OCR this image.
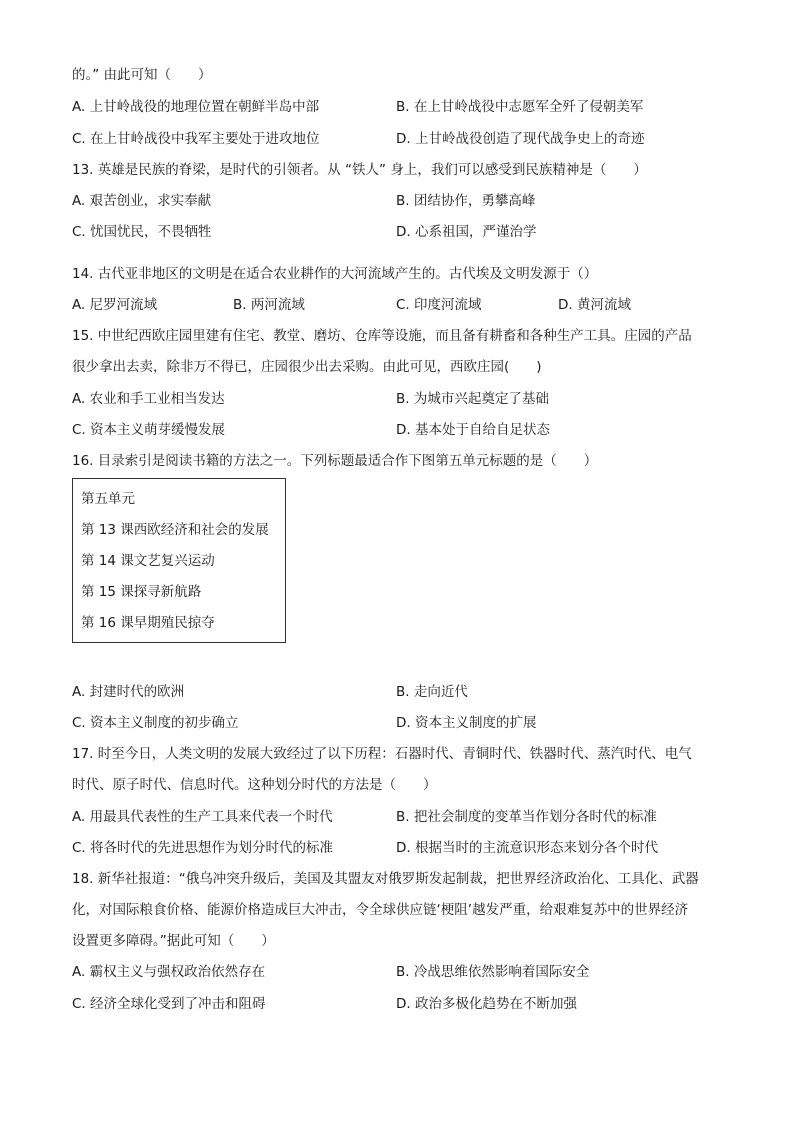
的。” 由此可知（　　）
A. 上甘岭战役的地理位置在朝鲜半岛中部	B. 在上甘岭战役中志愿军全歼了侵朝美军
C. 在上甘岭战役中我军主要处于进攻地位	D. 上甘岭战役创造了现代战争史上的奇迹
13. 英雄是民族的脊梁，是时代的引领者。从 “铁人” 身上，我们可以感受到民族精神是（　　）
A. 艰苦创业，求实奉献	B. 团结协作，勇攀高峰
C. 忧国忧民，不畏牺牲	D. 心系祖国，严谨治学
14. 古代亚非地区的文明是在适合农业耕作的大河流域产生的。古代埃及文明发源于（）
A. 尼罗河流域	B. 两河流域	C. 印度河流域	D. 黄河流域
15. 中世纪西欧庄园里建有住宅、教堂、磨坊、仓库等设施，而且备有耕畜和各种生产工具。庄园的产品
很少拿出去卖，除非万不得已，庄园很少出去采购。由此可见，西欧庄园(　　)
A. 农业和手工业相当发达	B. 为城市兴起奠定了基础
C. 资本主义萌芽缓慢发展	D. 基本处于自给自足状态
16. 目录索引是阅读书籍的方法之一。下列标题最适合作下图第五单元标题的是（　　）
第五单元
第 13 课西欧经济和社会的发展
第 14 课文艺复兴运动
第 15 课探寻新航路
第 16 课早期殖民掠夺
A. 封建时代的欧洲	B. 走向近代
C. 资本主义制度的初步确立	D. 资本主义制度的扩展
17. 时至今日，人类文明的发展大致经过了以下历程：石器时代、青铜时代、铁器时代、蒸汽时代、电气
时代、原子时代、信息时代。这种划分时代的方法是（　　）
A. 用最具代表性的生产工具来代表一个时代	B. 把社会制度的变革当作划分各时代的标准
C. 将各时代的先进思想作为划分时代的标准	D. 根据当时的主流意识形态来划分各个时代
18. 新华社报道：“俄乌冲突升级后，美国及其盟友对俄罗斯发起制裁，把世界经济政治化、工具化、武器
化，对国际粮食价格、能源价格造成巨大冲击，令全球供应链‘梗阻’越发严重，给艰难复苏中的世界经济
设置更多障碍。”据此可知（　　）
A. 霸权主义与强权政治依然存在	B. 冷战思维依然影响着国际安全
C. 经济全球化受到了冲击和阻碍	D. 政治多极化趋势在不断加强
